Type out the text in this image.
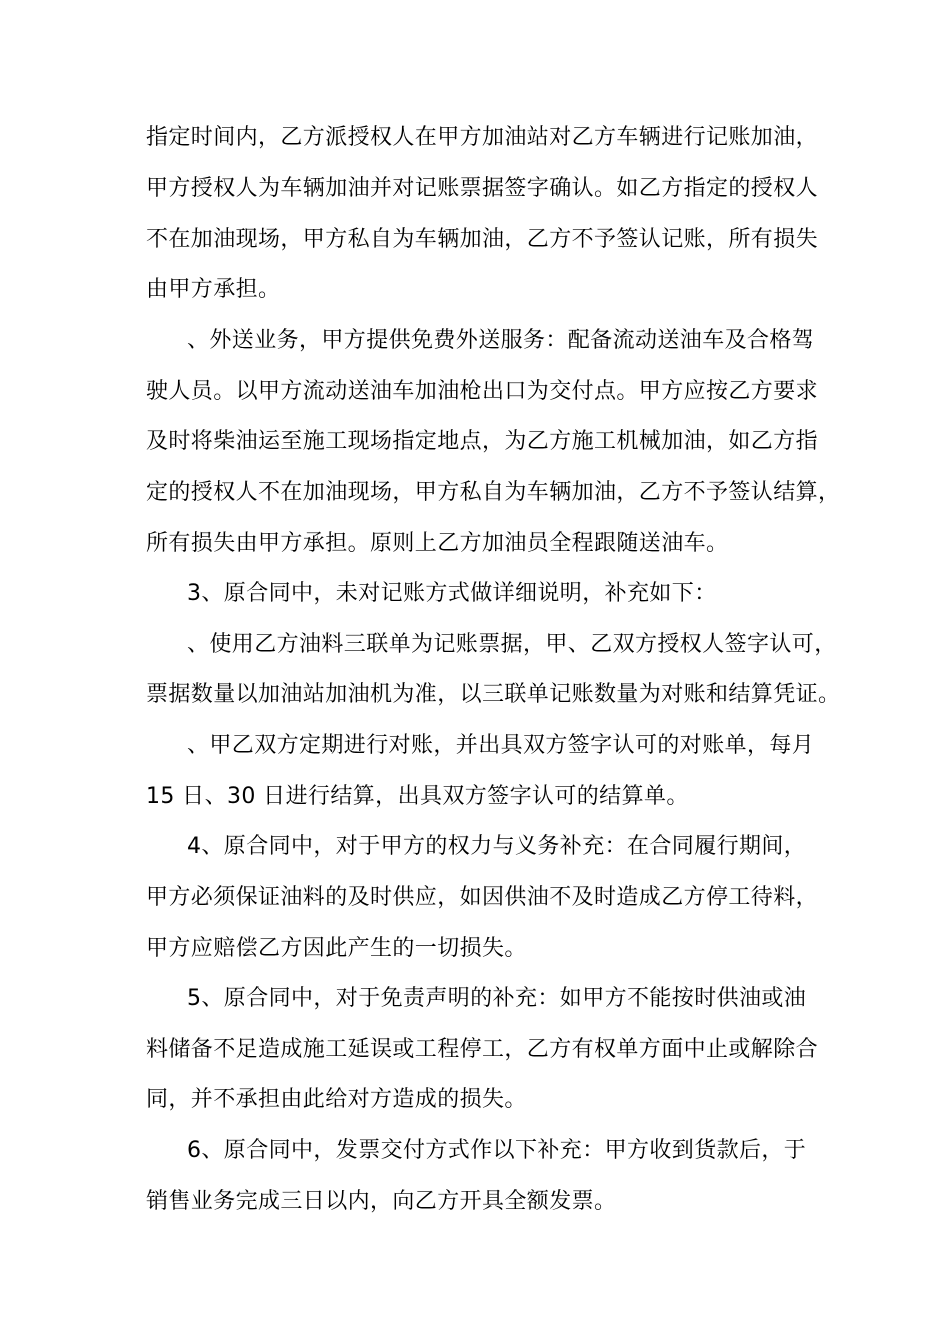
指定时间内，乙方派授权人在甲方加油站对乙方车辆进行记账加油，
甲方授权人为车辆加油并对记账票据签字确认。如乙方指定的授权人
不在加油现场，甲方私自为车辆加油，乙方不予签认记账，所有损失
由甲方承担。
、外送业务，甲方提供免费外送服务：配备流动送油车及合格驾
驶人员。以甲方流动送油车加油枪出口为交付点。甲方应按乙方要求
及时将柴油运至施工现场指定地点，为乙方施工机械加油，如乙方指
定的授权人不在加油现场，甲方私自为车辆加油，乙方不予签认结算，
所有损失由甲方承担。原则上乙方加油员全程跟随送油车。
3、原合同中，未对记账方式做详细说明，补充如下：
、使用乙方油料三联单为记账票据，甲、乙双方授权人签字认可，
票据数量以加油站加油机为准，以三联单记账数量为对账和结算凭证。
、甲乙双方定期进行对账，并出具双方签字认可的对账单，每月
15 日、30 日进行结算，出具双方签字认可的结算单。
4、原合同中，对于甲方的权力与义务补充：在合同履行期间，
甲方必须保证油料的及时供应，如因供油不及时造成乙方停工待料，
甲方应赔偿乙方因此产生的一切损失。
5、原合同中，对于免责声明的补充：如甲方不能按时供油或油
料储备不足造成施工延误或工程停工，乙方有权单方面中止或解除合
同，并不承担由此给对方造成的损失。
6、原合同中，发票交付方式作以下补充：甲方收到货款后，于
销售业务完成三日以内，向乙方开具全额发票。
